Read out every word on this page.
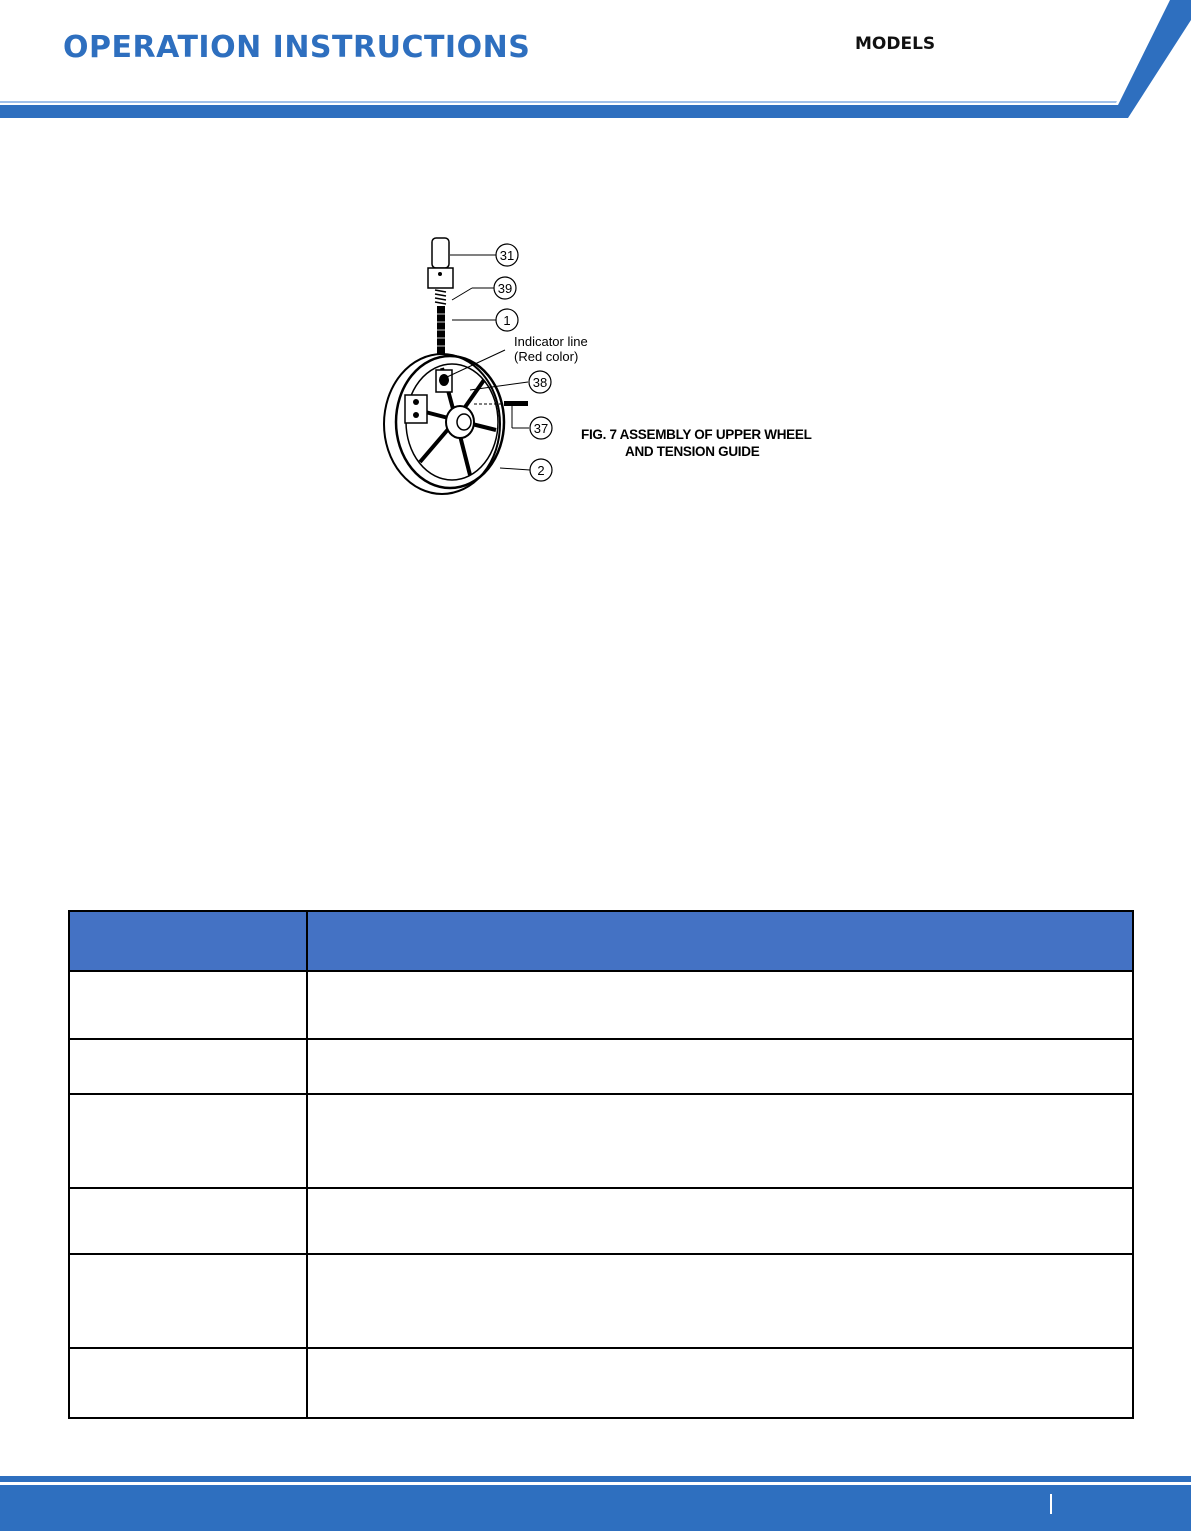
OPERATION INSTRUCTIONS	MODELS
31
39
1
38
37
2
Indicator line
(Red color)
FIG. 7 ASSEMBLY OF UPPER WHEEL
AND TENSION GUIDE
